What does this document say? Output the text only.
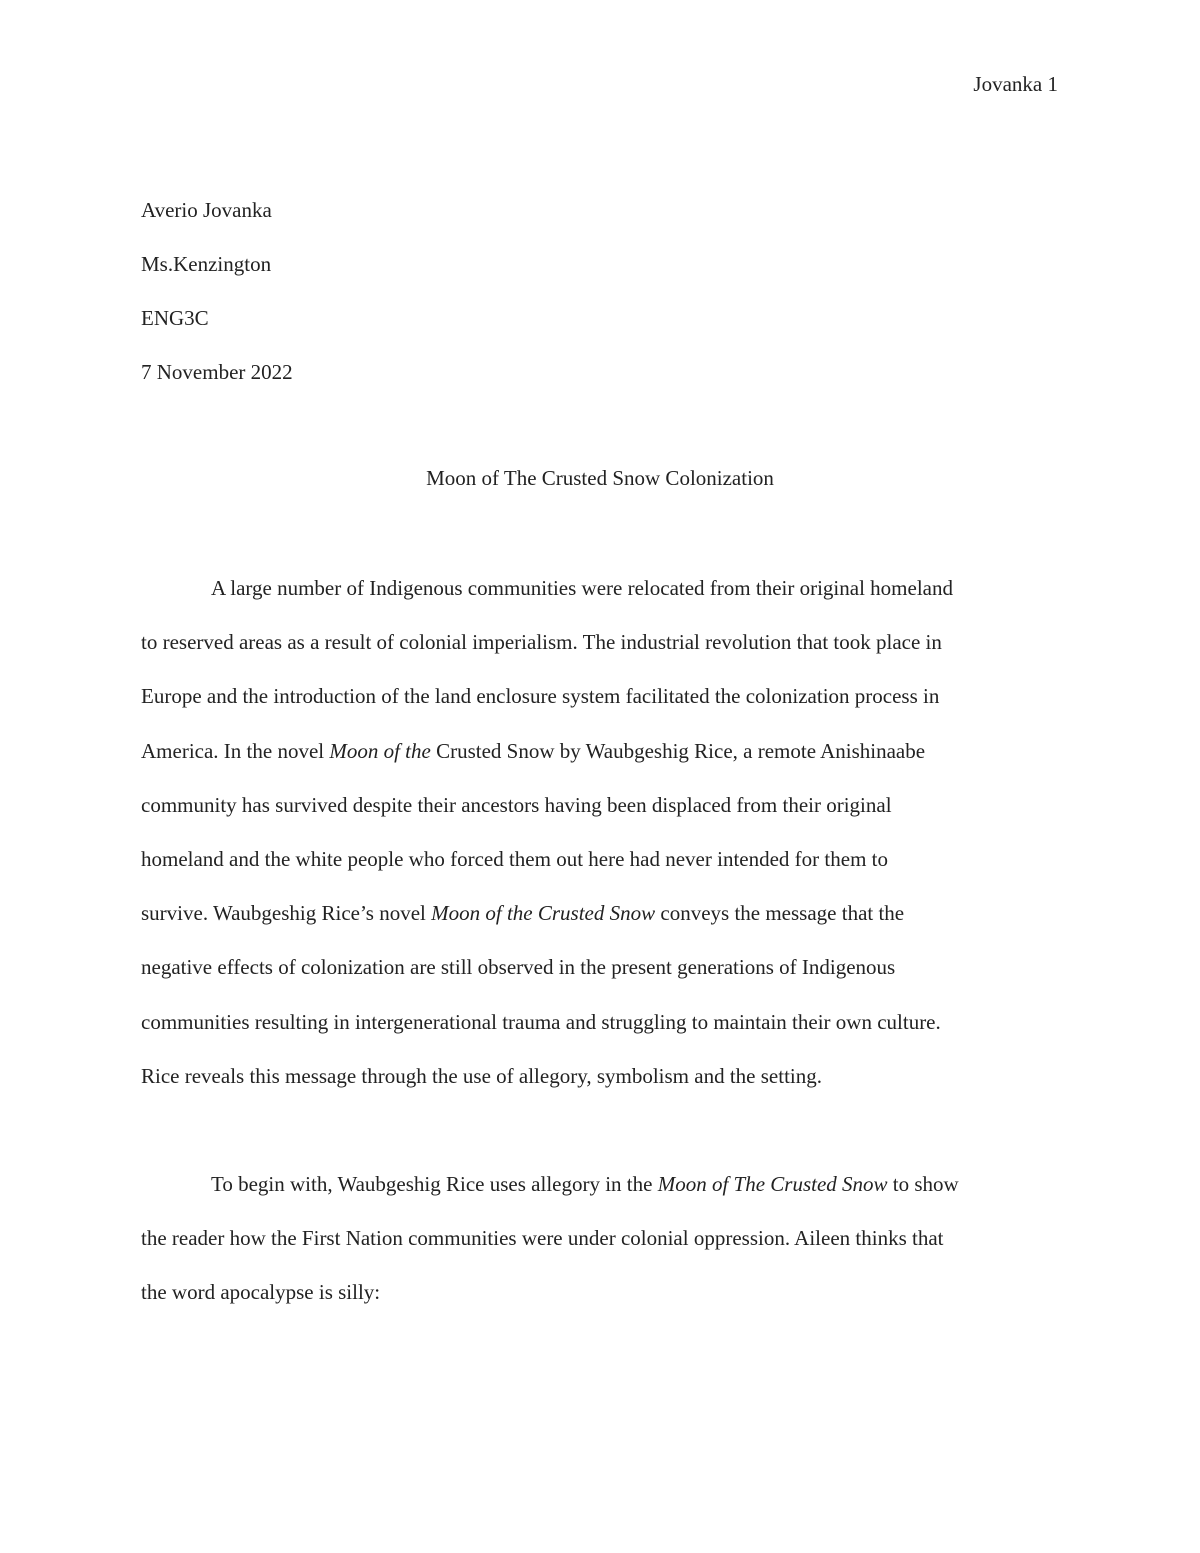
Jovanka 1
Averio Jovanka
Ms.Kenzington
ENG3C
7 November 2022
Moon of The Crusted Snow Colonization
A large number of Indigenous communities were relocated from their original homeland
to reserved areas as a result of colonial imperialism. The industrial revolution that took place in
Europe and the introduction of the land enclosure system facilitated the colonization process in
America. In the novel Moon of the Crusted Snow by Waubgeshig Rice, a remote Anishinaabe
community has survived despite their ancestors having been displaced from their original
homeland and the white people who forced them out here had never intended for them to
survive. Waubgeshig Rice’s novel Moon of the Crusted Snow conveys the message that the
negative effects of colonization are still observed in the present generations of Indigenous
communities resulting in intergenerational trauma and struggling to maintain their own culture.
Rice reveals this message through the use of allegory, symbolism and the setting.
To begin with, Waubgeshig Rice uses allegory in the Moon of The Crusted Snow to show
the reader how the First Nation communities were under colonial oppression. Aileen thinks that
the word apocalypse is silly:
